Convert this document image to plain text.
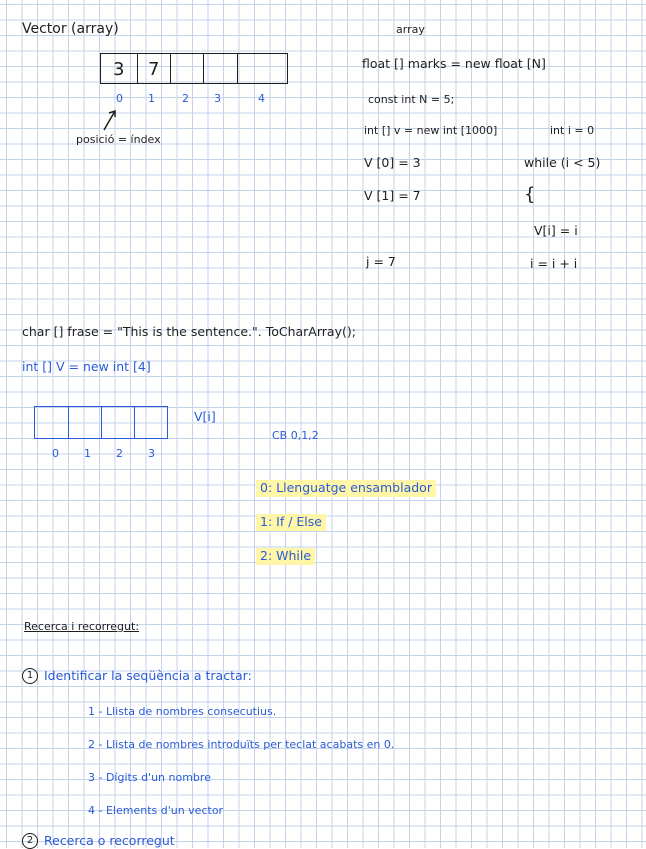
Vector (array)
3 7
0 1 2 3	4
posició = índex
array
float [] marks = new float [N]
const int N = 5;
int [] v = new int [1000]
V [0] = 3
V [1] = 7
j = 7
int i = 0
while (i < 5)
{
V[i] = i
i = i + i
char [] frase = "This is the sentence.". ToCharArray();
int [] V = new int [4]
V[i]
0 1 2 3
CB 0,1,2
0: Llenguatge ensamblador
1: If / Else
2: While
Recerca i recorregut:
1 Identificar la seqüència a tractar:
1 - Llista de nombres consecutius.
2 - Llista de nombres introduïts per teclat acabats en 0.
3 - Dígits d'un nombre
4 - Elements d'un vector
2 Recerca o recorregut
